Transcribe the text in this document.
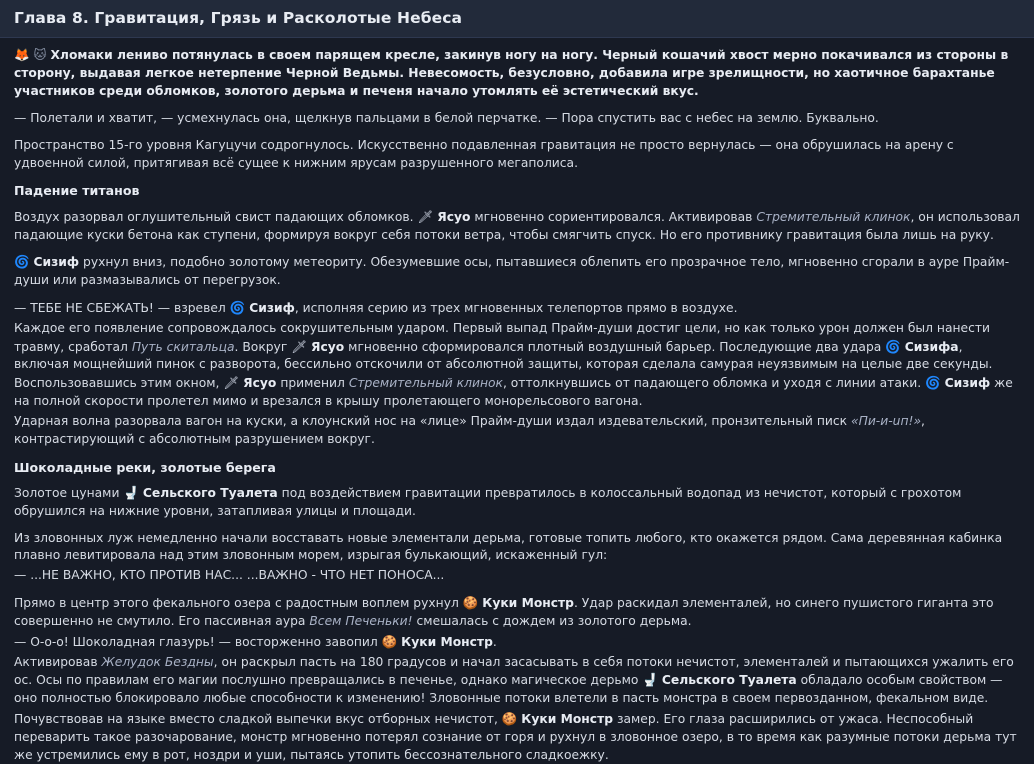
Глава 8. Гравитация, Грязь и Расколотые Небеса

🦊 🐱 Хломаки лениво потянулась в своем парящем кресле, закинув ногу на ногу. Черный кошачий хвост мерно покачивался из стороны в сторону, выдавая легкое нетерпение Черной Ведьмы. Невесомость, безусловно, добавила игре зрелищности, но хаотичное барахтанье участников среди обломков, золотого дерьма и печеня начало утомлять её эстетический вкус.

— Полетали и хватит, — усмехнулась она, щелкнув пальцами в белой перчатке. — Пора спустить вас с небес на землю. Буквально.

Пространство 15-го уровня Кагуцучи содрогнулось. Искусственно подавленная гравитация не просто вернулась — она обрушилась на арену с удвоенной силой, притягивая всё сущее к нижним ярусам разрушенного мегаполиса.

Падение титанов

Воздух разорвал оглушительный свист падающих обломков. 🗡 Ясуо мгновенно сориентировался. Активировав Стремительный клинок, он использовал падающие куски бетона как ступени, формируя вокруг себя потоки ветра, чтобы смягчить спуск. Но его противнику гравитация была лишь на руку.

🌀 Сизиф рухнул вниз, подобно золотому метеориту. Обезумевшие осы, пытавшиеся облепить его прозрачное тело, мгновенно сгорали в ауре Прайм-души или размазывались от перегрузок.

— ТЕБЕ НЕ СБЕЖАТЬ! — взревел 🌀 Сизиф, исполняя серию из трех мгновенных телепортов прямо в воздухе.

Каждое его появление сопровождалось сокрушительным ударом. Первый выпад Прайм-души достиг цели, но как только урон должен был нанести травму, сработал Путь скитальца. Вокруг 🗡 Ясуо мгновенно сформировался плотный воздушный барьер. Последующие два удара 🌀 Сизифа, включая мощнейший пинок с разворота, бессильно отскочили от абсолютной защиты, которая сделала самурая неуязвимым на целые две секунды. Воспользовавшись этим окном, 🗡 Ясуо применил Стремительный клинок, оттолкнувшись от падающего обломка и уходя с линии атаки. 🌀 Сизиф же на полной скорости пролетел мимо и врезался в крышу пролетающего монорельсового вагона.

Ударная волна разорвала вагон на куски, а клоунский нос на «лице» Прайм-души издал издевательский, пронзительный писк «Пи-и-uп!», контрастирующий с абсолютным разрушением вокруг.

Шоколадные реки, золотые берега

Золотое цунами 🚽 Сельского Туалета под воздействием гравитации превратилось в колоссальный водопад из нечистот, который с грохотом обрушился на нижние уровни, затапливая улицы и площади.

Из зловонных луж немедленно начали восставать новые элементали дерьма, готовые топить любого, кто окажется рядом. Сама деревянная кабинка плавно левитировала над этим зловонным морем, изрыгая булькающий, искаженный гул:

— ...НЕ ВАЖНО, КТО ПРОТИВ НАС... ...ВАЖНО - ЧТО НЕТ ПОНОСА...

Прямо в центр этого фекального озера с радостным воплем рухнул 🍪 Куки Монстр. Удар раскидал элементалей, но синего пушистого гиганта это совершенно не смутило. Его пассивная аура Всем Печеньки! смешалась с дождем из золотого дерьма.

— О-о-о! Шоколадная глазурь! — восторженно завопил 🍪 Куки Монстр.

Активировав Желудок Бездны, он раскрыл пасть на 180 градусов и начал засасывать в себя потоки нечистот, элементалей и пытающихся ужалить его ос. Осы по правилам его магии послушно превращались в печенье, однако магическое дерьмо 🚽 Сельского Туалета обладало особым свойством — оно полностью блокировало любые способности к изменению! Зловонные потоки влетели в пасть монстра в своем первозданном, фекальном виде.

Почувствовав на языке вместо сладкой выпечки вкус отборных нечистот, 🍪 Куки Монстр замер. Его глаза расширились от ужаса. Неспособный переварить такое разочарование, монстр мгновенно потерял сознание от горя и рухнул в зловонное озеро, в то время как разумные потоки дерьма тут же устремились ему в рот, ноздри и уши, пытаясь утопить бессознательного сладкоежку.
